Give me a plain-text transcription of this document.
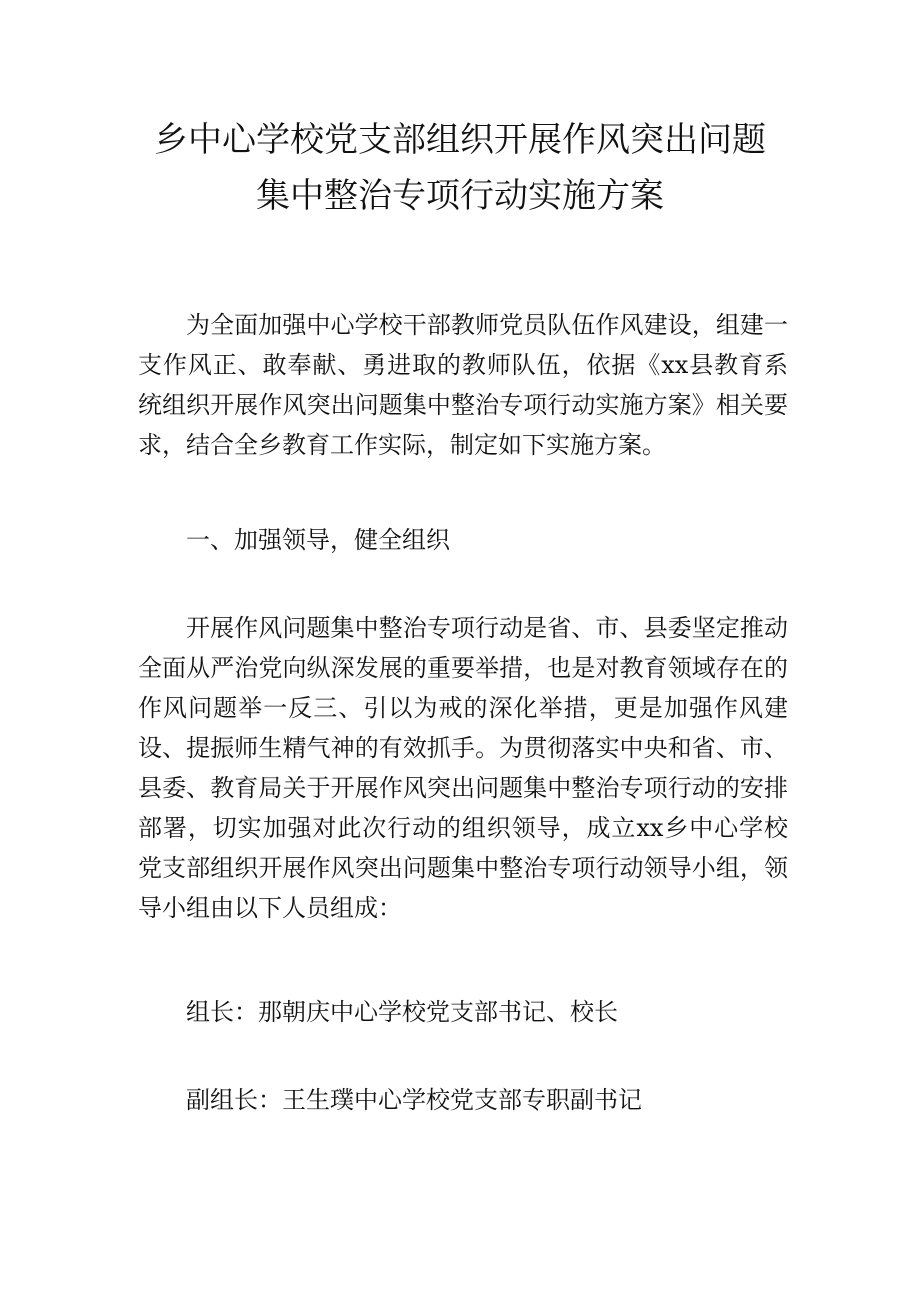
乡中心学校党支部组织开展作风突出问题
集中整治专项行动实施方案

为全面加强中心学校干部教师党员队伍作风建设，组建一支作风正、敢奉献、勇进取的教师队伍，依据《xx县教育系统组织开展作风突出问题集中整治专项行动实施方案》相关要求，结合全乡教育工作实际，制定如下实施方案。

一、加强领导，健全组织

开展作风问题集中整治专项行动是省、市、县委坚定推动全面从严治党向纵深发展的重要举措，也是对教育领域存在的作风问题举一反三、引以为戒的深化举措，更是加强作风建设、提振师生精气神的有效抓手。为贯彻落实中央和省、市、县委、教育局关于开展作风突出问题集中整治专项行动的安排部署，切实加强对此次行动的组织领导，成立xx乡中心学校党支部组织开展作风突出问题集中整治专项行动领导小组，领导小组由以下人员组成：

组长：那朝庆中心学校党支部书记、校长

副组长：王生璞中心学校党支部专职副书记
